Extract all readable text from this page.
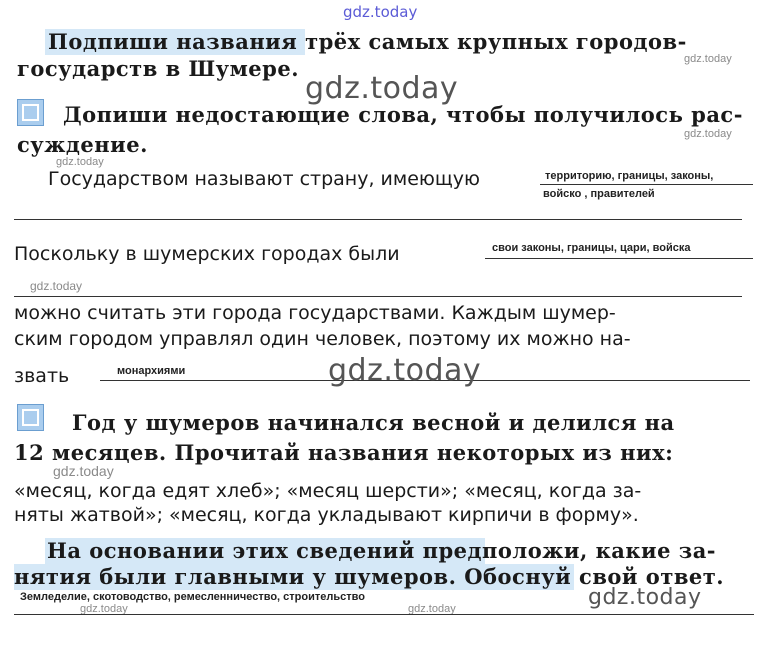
gdz.today
Подпиши названия трёх самых крупных городов-
государств в Шумере.	gdz.today
Допиши недостающие слова, чтобы получилось рас-
суждение.
gdz.today
gdz.today
gdz.today
Государством называют страну, имеющую	территорию, границы, законы,
войско , правителей
Поскольку в шумерских городах были	свои законы, границы, цари, войска
gdz.today
можно считать эти города государствами. Каждым шумер-
ским городом управлял один человек, поэтому их можно на-
звать	монархиями	gdz.today
Год у шумеров начинался весной и делился на
12 месяцев. Прочитай названия некоторых из них:
gdz.today
«месяц, когда едят хлеб»; «месяц шерсти»; «месяц, когда за-
няты жатвой»; «месяц, когда укладывают кирпичи в форму».
На основании этих сведений предположи, какие за-
нятия были главными у шумеров. Обоснуй свой ответ.
Земледелие, скотоводство, ремесленничество, строительство
gdz.today	gdz.today	gdz.today
